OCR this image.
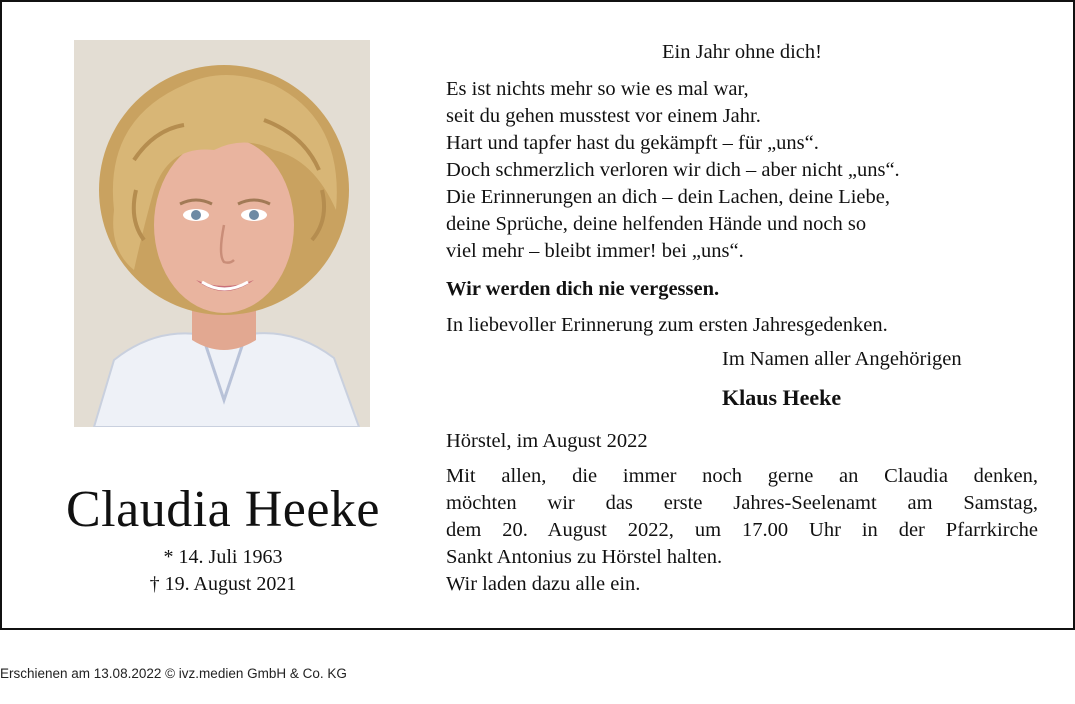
Claudia Heeke
* 14. Juli 1963
† 19. August 2021
Ein Jahr ohne dich!
Es ist nichts mehr so wie es mal war,
seit du gehen musstest vor einem Jahr.
Hart und tapfer hast du gekämpft – für „uns“.
Doch schmerzlich verloren wir dich – aber nicht „uns“.
Die Erinnerungen an dich – dein Lachen, deine Liebe,
deine Sprüche, deine helfenden Hände und noch so
viel mehr – bleibt immer! bei „uns“.
Wir werden dich nie vergessen.
In liebevoller Erinnerung zum ersten Jahresgedenken.
Im Namen aller Angehörigen
Klaus Heeke
Hörstel, im August 2022
Mit allen, die immer noch gerne an Claudia denken,
möchten wir das erste Jahres-Seelenamt am Samstag,
dem 20. August 2022, um 17.00 Uhr in der Pfarrkirche
Sankt Antonius zu Hörstel halten.
Wir laden dazu alle ein.
Erschienen am 13.08.2022 © ivz.medien GmbH & Co. KG
